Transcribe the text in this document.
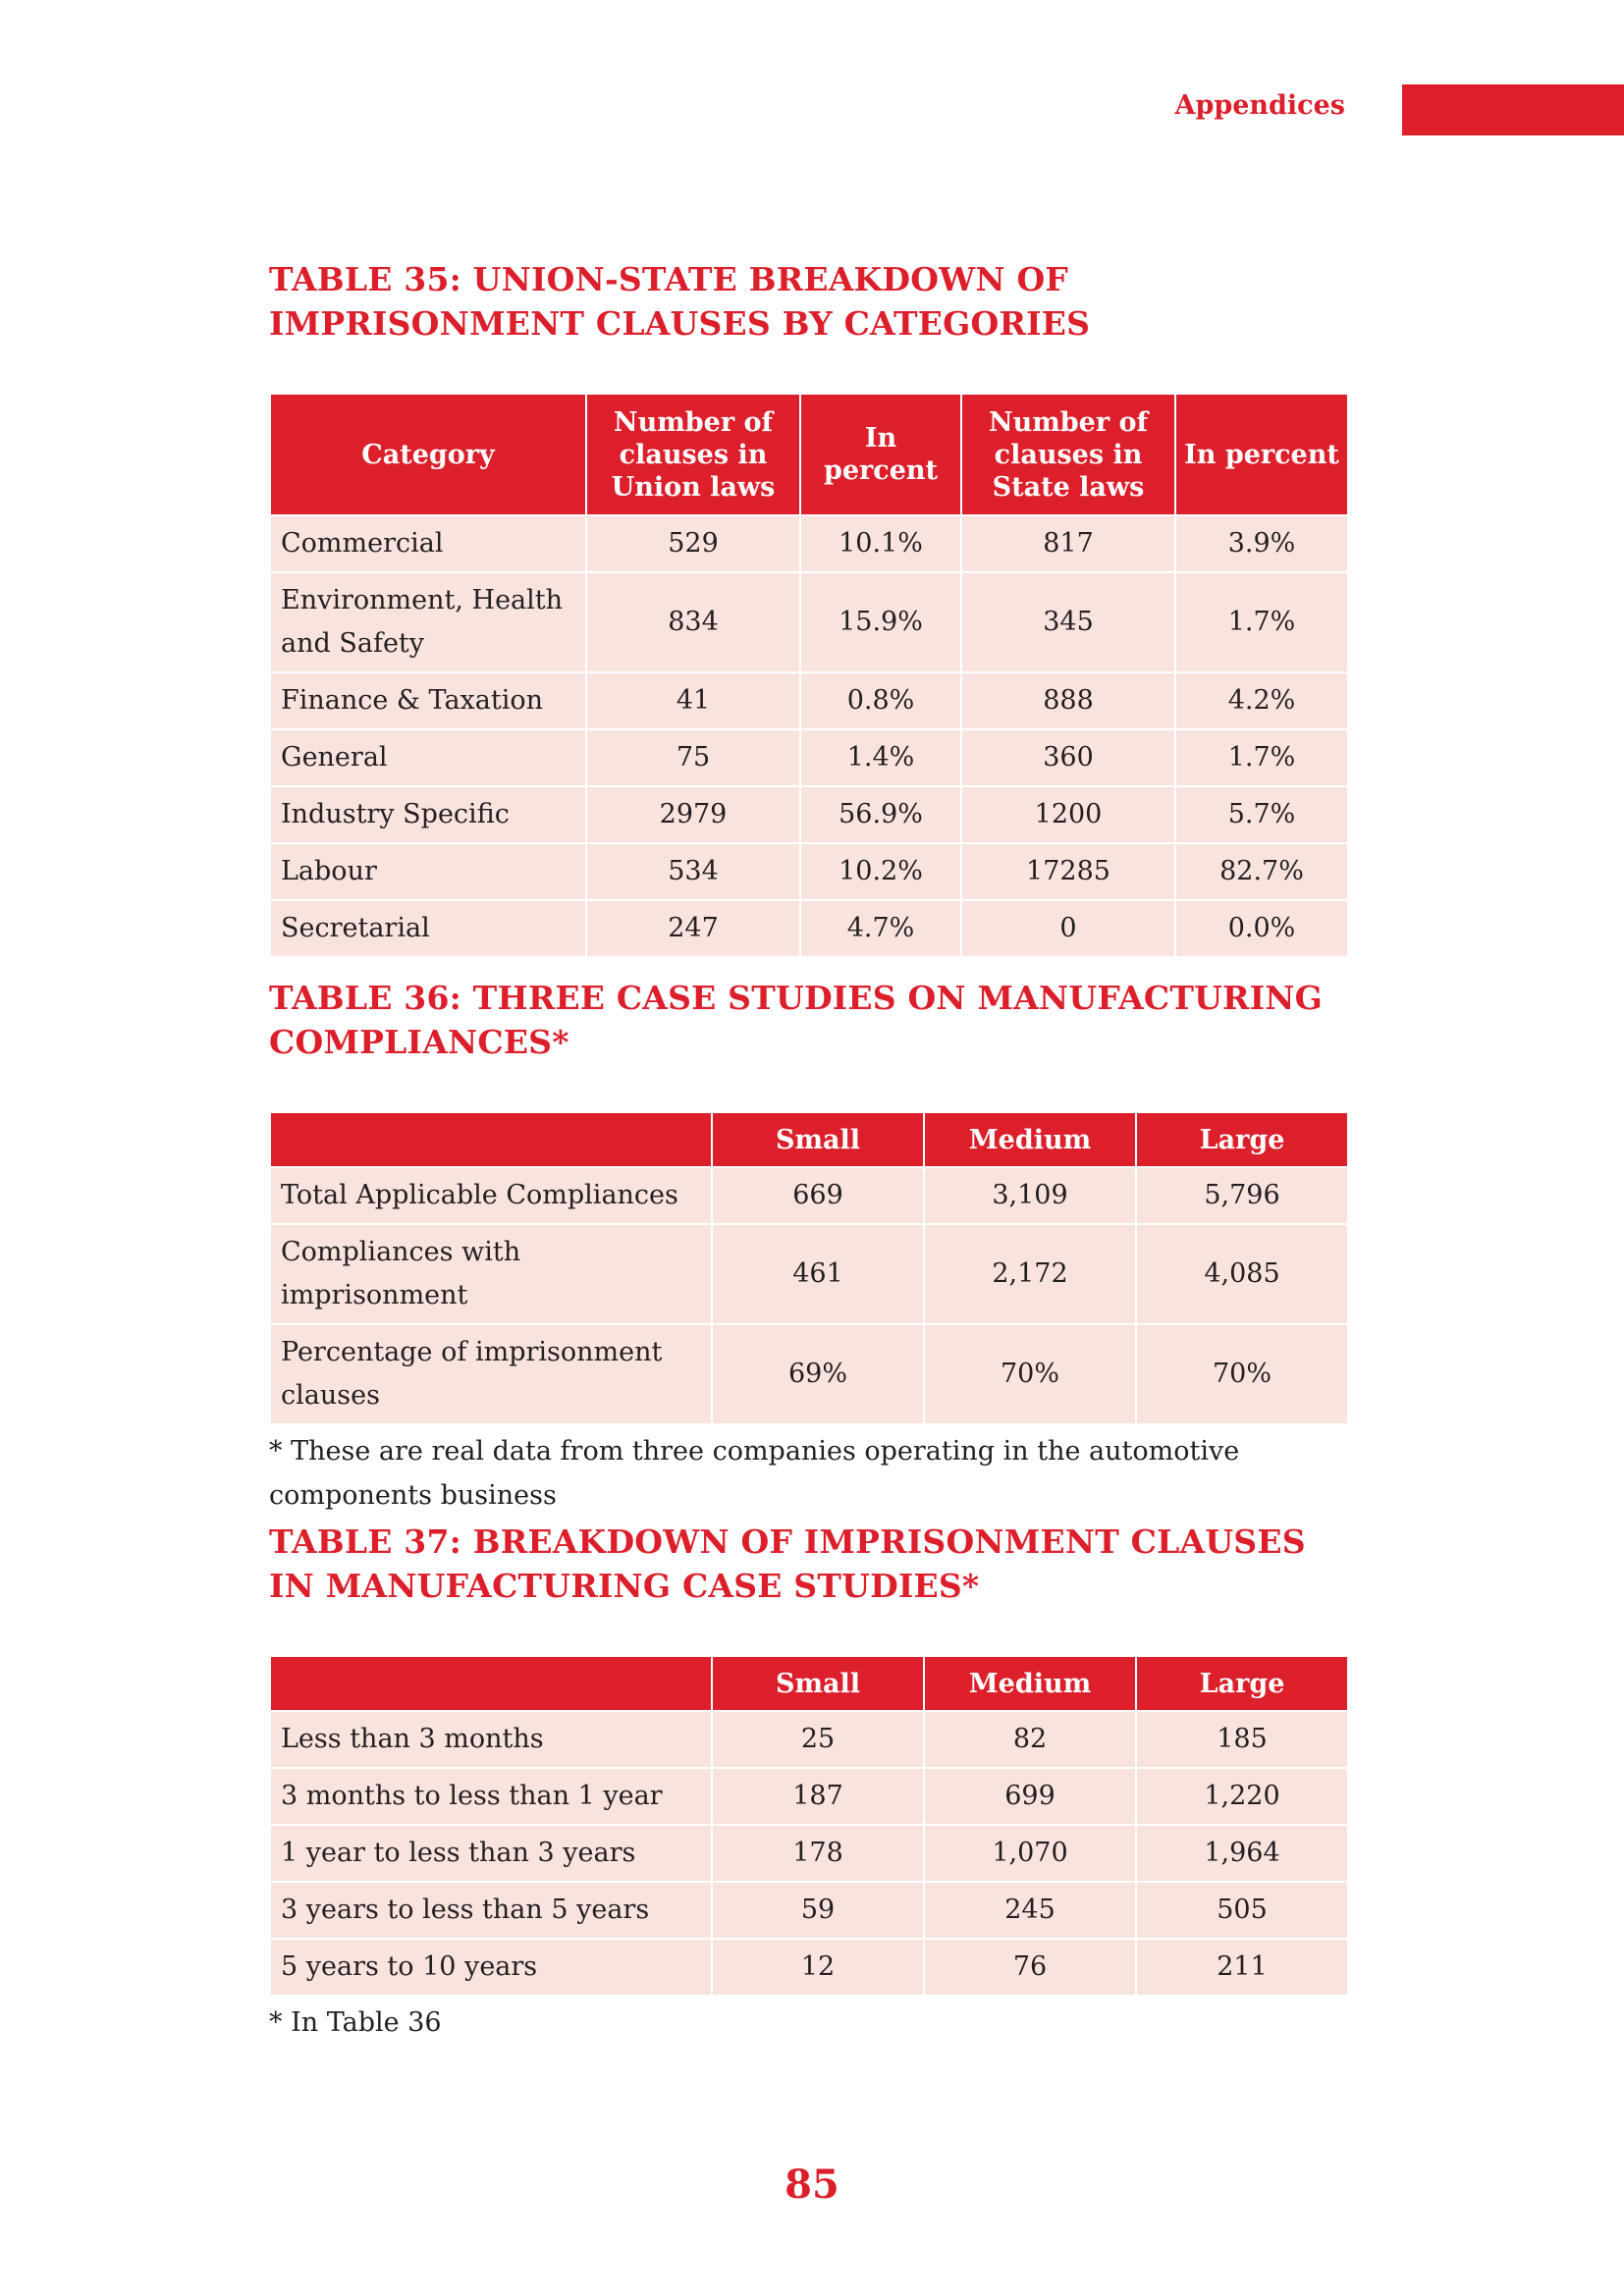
Appendices
TABLE 35: UNION-STATE BREAKDOWN OF IMPRISONMENT CLAUSES BY CATEGORIES
Category	Number of clauses in Union laws	In percent	Number of clauses in State laws	In percent
Commercial	529	10.1%	817	3.9%
Environment, Health and Safety	834	15.9%	345	1.7%
Finance & Taxation	41	0.8%	888	4.2%
General	75	1.4%	360	1.7%
Industry Specific	2979	56.9%	1200	5.7%
Labour	534	10.2%	17285	82.7%
Secretarial	247	4.7%	0	0.0%
TABLE 36: THREE CASE STUDIES ON MANUFACTURING COMPLIANCES*
	Small	Medium	Large
Total Applicable Compliances	669	3,109	5,796
Compliances with imprisonment	461	2,172	4,085
Percentage of imprisonment clauses	69%	70%	70%

* These are real data from three companies operating in the automotive components business

TABLE 37: BREAKDOWN OF IMPRISONMENT CLAUSES IN MANUFACTURING CASE STUDIES*
	Small	Medium	Large
Less than 3 months	25	82	185
3 months to less than 1 year	187	699	1,220
1 year to less than 3 years	178	1,070	1,964
3 years to less than 5 years	59	245	505
5 years to 10 years	12	76	211

* In Table 36

85
